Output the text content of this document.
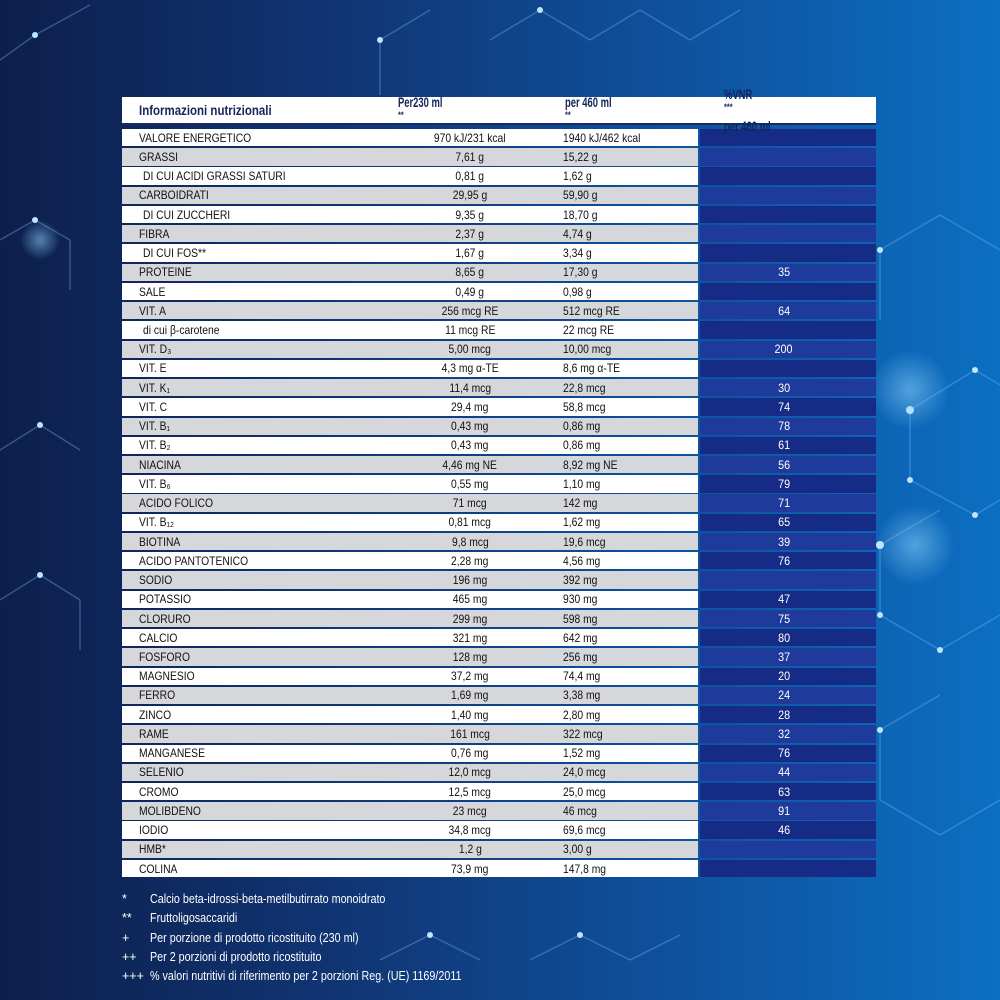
Informazioni nutrizionali	Per230 ml
**
per 460 ml
**
%VNR
***
per 460 ml
VALORE ENERGETICO	970 kJ/231 kcal	1940 kJ/462 kcal
GRASSI	7,61 g	15,22 g
DI CUI ACIDI GRASSI SATURI	0,81 g	1,62 g
CARBOIDRATI	29,95 g	59,90 g
DI CUI ZUCCHERI	9,35 g	18,70 g
FIBRA	2,37 g	4,74 g
DI CUI FOS**	1,67 g	3,34 g
PROTEINE	8,65 g	17,30 g	35
SALE	0,49 g	0,98 g
VIT. A	256 mcg RE	512 mcg RE	64
di cui β-carotene	11 mcg RE	22 mcg RE
VIT. D₃	5,00 mcg	10,00 mcg	200
VIT. E	4,3 mg α-TE	8,6 mg α-TE
VIT. K₁	11,4 mcg	22,8 mcg	30
VIT. C	29,4 mg	58,8 mcg	74
VIT. B₁	0,43 mg	0,86 mg	78
VIT. B₂	0,43 mg	0,86 mg	61
NIACINA	4,46 mg NE	8,92 mg NE	56
VIT. B₆	0,55 mg	1,10 mg	79
ACIDO FOLICO	71 mcg	142 mg	71
VIT. B₁₂	0,81 mcg	1,62 mg	65
BIOTINA	9,8 mcg	19,6 mcg	39
ACIDO PANTOTENICO	2,28 mg	4,56 mg	76
SODIO	196 mg	392 mg
POTASSIO	465 mg	930 mg	47
CLORURO	299 mg	598 mg	75
CALCIO	321 mg	642 mg	80
FOSFORO	128 mg	256 mg	37
MAGNESIO	37,2 mg	74,4 mg	20
FERRO	1,69 mg	3,38 mg	24
ZINCO	1,40 mg	2,80 mg	28
RAME	161 mcg	322 mcg	32
MANGANESE	0,76 mg	1,52 mg	76
SELENIO	12,0 mcg	24,0 mcg	44
CROMO	12,5 mcg	25,0 mcg	63
MOLIBDENO	23 mcg	46 mcg	91
IODIO	34,8 mcg	69,6 mcg	46
HMB*	1,2 g	3,00 g
COLINA	73,9 mg	147,8 mg
*	Calcio beta-idrossi-beta-metilbutirrato monoidrato
**	Fruttoligosaccaridi
+	Per porzione di prodotto ricostituito (230 ml)
++	Per 2 porzioni di prodotto ricostituito
+++ % valori nutritivi di riferimento per 2 porzioni Reg. (UE) 1169/2011
